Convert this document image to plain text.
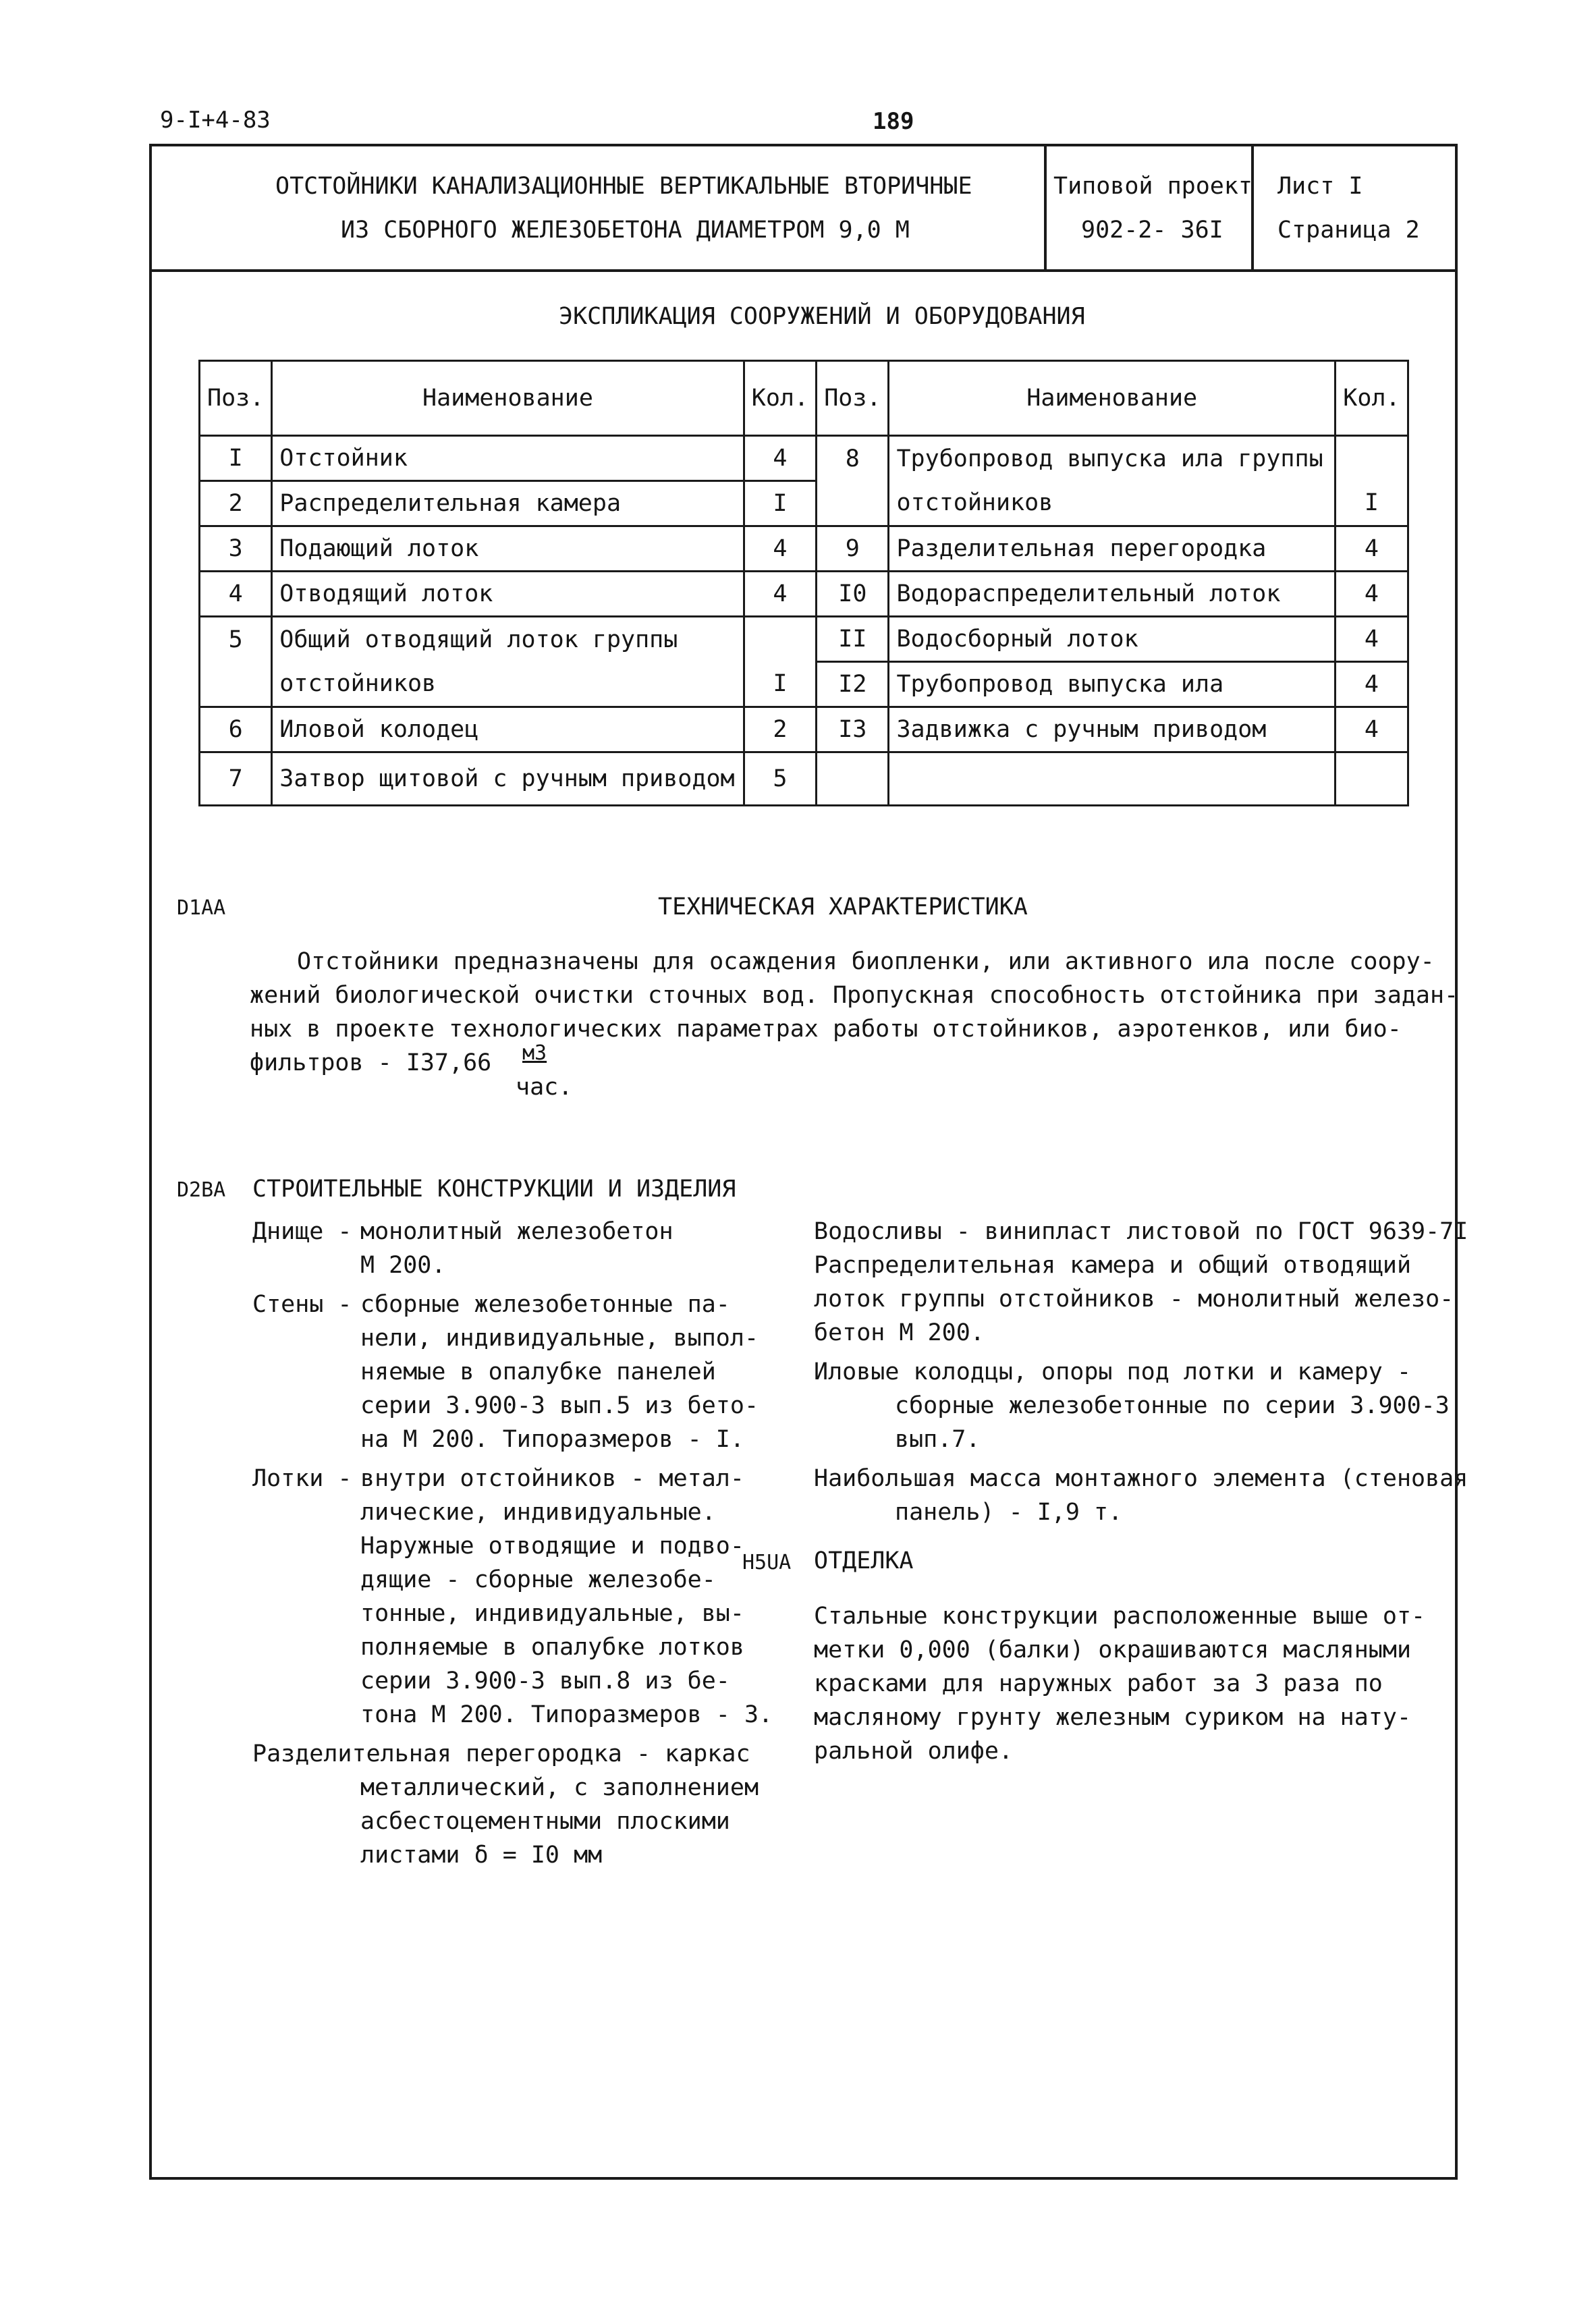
9-I+4-83	189
ОТСТОЙНИКИ КАНАЛИЗАЦИОННЫЕ ВЕРТИКАЛЬНЫЕ ВТОРИЧНЫЕ
ИЗ СБОРНОГО ЖЕЛЕЗОБЕТОНА ДИАМЕТРОМ 9,0 М
Типовой проект
902-2- 36I
Лист I
Страница 2
ЭКСПЛИКАЦИЯ СООРУЖЕНИЙ И ОБОРУДОВАНИЯ
Поз.	Наименование	Кол.	Поз.	Наименование	Кол.
I	Отстойник	4	8	Трубопровод выпуска ила группы	
2	Распределительная камера	I		отстойников	I
3	Подающий лоток	4	9	Разделительная перегородка	4
4	Отводящий лоток	4	I0	Водораспределительный лоток	4
5	Общий отводящий лоток группы		II	Водосборный лоток	4
	отстойников	I	I2	Трубопровод выпуска ила	4
6	Иловой колодец	2	I3	Задвижка с ручным приводом	4
7	Затвор щитовой с ручным приводом	5			
D1AA	ТЕХНИЧЕСКАЯ ХАРАКТЕРИСТИКА
Отстойники предназначены для осаждения биопленки, или активного ила после соору-
жений биологической очистки сточных вод. Пропускная способность отстойника при задан-
ных в проекте технологических параметрах работы отстойников, аэротенков, или био-
фильтров - I37,66 м3
час.
D2BA СТРОИТЕЛЬНЫЕ КОНСТРУКЦИИ И ИЗДЕЛИЯ
Днище - монолитный железобетон
М 200.
Стены - сборные железобетонные па-
нели, индивидуальные, выпол-
няемые в опалубке панелей
серии 3.900-3 вып.5 из бето-
на М 200. Типоразмеров - I.
Лотки - внутри отстойников - метал-
лические, индивидуальные.
Наружные отводящие и подво-
дящие - сборные железобе-
тонные, индивидуальные, вы-
полняемые в опалубке лотков
серии 3.900-3 вып.8 из бе-
тона М 200. Типоразмеров - 3.
Разделительная перегородка - каркас
металлический, с заполнением
асбестоцементными плоскими
листами δ = I0 мм
Водосливы - винипласт листовой по ГОСТ 9639-7I
Распределительная камера и общий отводящий
лоток группы отстойников - монолитный железо-
бетон М 200.
Иловые колодцы, опоры под лотки и камеру -
сборные железобетонные по серии 3.900-3
вып.7.
Наибольшая масса монтажного элемента (стеновая
панель) - I,9 т.
H5UA ОТДЕЛКА
Стальные конструкции расположенные выше от-
метки 0,000 (балки) окрашиваются масляными
красками для наружных работ за 3 раза по
масляному грунту железным суриком на нату-
ральной олифе.
